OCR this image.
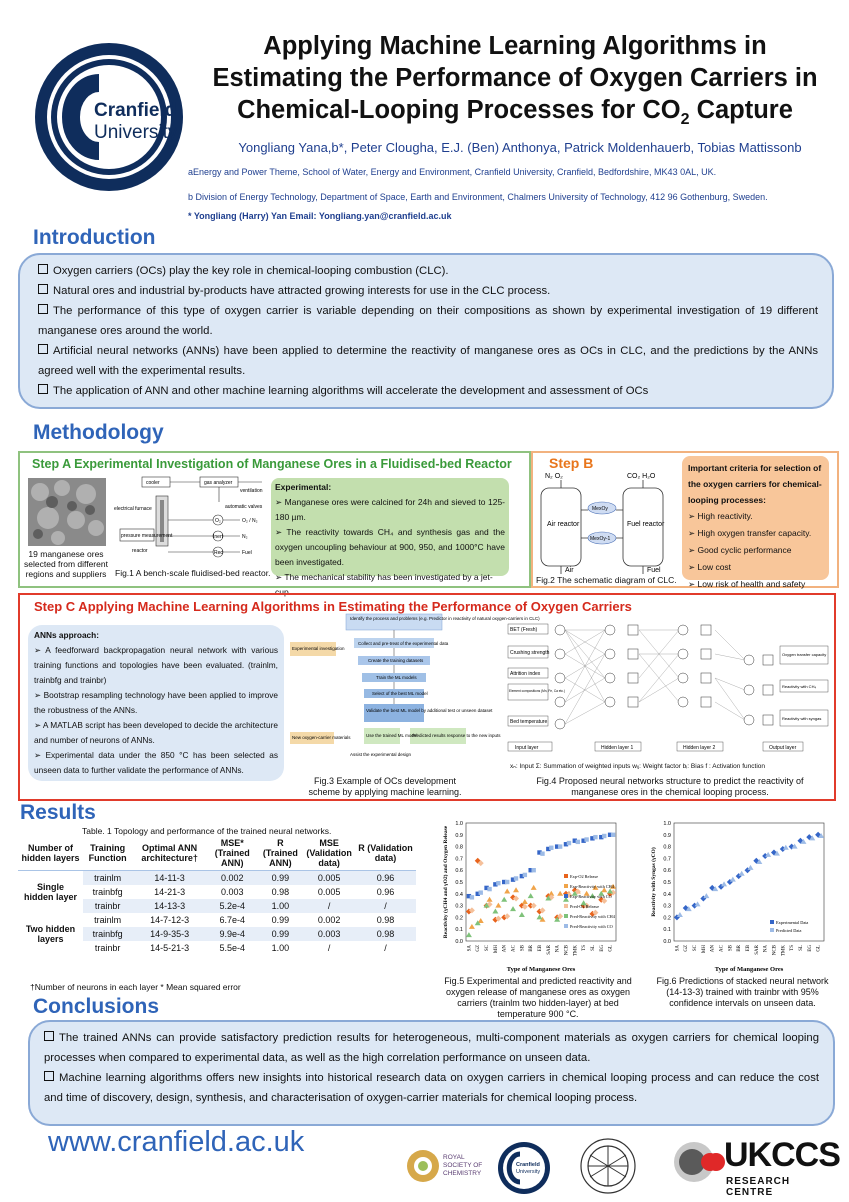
Cranfield
University
Applying Machine Learning Algorithms in
Estimating the Performance of Oxygen Carriers in
Chemical-Looping Processes for $CO_2$ Capture
Yongliang Yana,b*, Peter Clougha, E.J. (Ben) Anthonya, Patrick Moldenhauerb, Tobias Mattissonb
aEnergy and Power Theme, School of Water, Energy and Environment, Cranfield University, Cranfield, Bedfordshire, MK43 0AL, UK.
b Division of Energy Technology, Department of Space, Earth and Environment, Chalmers University of Technology, 412 96 Gothenburg, Sweden.
* Yongliang (Harry) Yan Email: Yongliang.yan@cranfield.ac.uk
Introduction
Oxygen carriers (OCs) play the key role in chemical-looping combustion (CLC).
Natural ores and industrial by-products have attracted growing interests for use in the CLC process.
The performance of this type of oxygen carrier is variable depending on their compositions as shown by experimental investigation of 19 different manganese ores around the world.
Artificial neural networks (ANNs) have been applied to determine the reactivity of manganese ores as OCs in CLC, and the predictions by the ANNs agreed well with the experimental results.
The application of ANN and other machine learning algorithms will accelerate the development and assessment of OCs
Methodology
Step A Experimental Investigation of Manganese Ores in a Fluidised-bed Reactor
19 manganese ores selected from different regions and suppliers
cooler	gas analyzer
ventilation
electrical furnace	automatic valves
pressure measurement
reactor
O₂
Inert
Red
O₂ / N₂
N₂
Fuel
Fig.1 A bench-scale fluidised-bed reactor.
Experimental:
➢ Manganese ores were calcined for 24h and sieved to 125-180 µm.
➢ The reactivity towards CH₄ and synthesis gas and the oxygen uncoupling behaviour at 900, 950, and 1000°C have been investigated.
➢ The mechanical stability has been investigated by a jet-cup.
Step B
Air reactor	Fuel reactor
N₂ O₂	CO₂ H₂O
MexOy
MexOy-1
Air	Fuel
Fig.2 The schematic diagram of CLC.
Important criteria for selection of the oxygen carriers for chemical-looping processes:
➢ High reactivity.
➢ High oxygen transfer capacity.
➢ Good cyclic performance
➢ Low cost
➢ Low risk of health and safety
Step C Applying Machine Learning Algorithms in Estimating the Performance of Oxygen Carriers
ANNs approach:
➢ A feedforward backpropagation neural network with various training functions and topologies have been evaluated. (trainlm, trainbfg and trainbr)
➢ Bootstrap resampling technology have been applied to improve the robustness of the ANNs.
➢ A MATLAB script has been developed to decide the architecture and number of neurons of ANNs.
➢ Experimental data under the 850 °C has been selected as unseen data to further validate the performance of ANNs.
Identify the process and problems (e.g. Predictor in reactivity of natural oxygen-carriers in CLC)
Collect and pre-treat of the experimental data
Create the training datasets
Train the ML models
Select of the best ML model
Validate the best ML model by additional test or unseen dataset
Use the trained ML model
Predicted results response to the new inputs
Experimental investigation
New oxygen-carrier materials
Assist the experimental design
Fig.3 Example of OCs development scheme by applying machine learning.
BET (Fresh)
Crushing strength
Attrition index
Element compositions (Mn, Fe, Ca etc.)
Bed temperature
Oxygen transfer capacity
Reactivity with CH₄
Reactivity with syngas
Input layer	Hidden layer 1	Hidden layer 2	Output layer
xₙ: Input Σ: Summation of weighted inputs wᵢⱼ: Weight factor bᵢ: Bias f : Activation function
Fig.4 Proposed neural networks structure to predict the reactivity of manganese ores in the chemical looping process.
Results
Table. 1 Topology and performance of the trained neural networks.
Number of hidden layers	Training Function	Optimal ANN architecture†	MSE* (Trained ANN)	R (Trained ANN)	MSE (Validation data)	R (Validation data)
Single hidden layer	trainlm	14-11-3	0.002	0.99	0.005	0.96
	trainbfg	14-21-3	0.003	0.98	0.005	0.96
	trainbr	14-13-3	5.2e-4	1.00	/	/
Two hidden layers	trainlm	14-7-12-3	6.7e-4	0.99	0.002	0.98
	trainbfg	14-9-35-3	9.9e-4	0.99	0.003	0.98
	trainbr	14-5-21-3	5.5e-4	1.00	/	/
†Number of neurons in each layer * Mean squared error
0.0
0.1
0.2
0.3
0.4
0.5
0.6
0.7
0.8
0.9
1.0
SA GZ SC MH AN AC SB BR EB SAR NA NCB TMK TS SL EG GL
Type of Manganese Ores
Reactivity (γCH4 and γO2) and Oxygen Release	Exp-O2 Release
Exp-Reactivity with CH4
Exp-Reactivity with CO
Pred-O2 Release
Pred-Reactivity with CH4
Pred-Reactivity with CO
Fig.5 Experimental and predicted reactivity and oxygen release of manganese ores as oxygen carriers (trainlm two hidden-layer) at bed temperature 900 °C.
0.0
0.1
0.2
0.3
0.4
0.5
0.6
0.7
0.8
0.9
1.0
SA GZ SC MH AN AC SB BR EB SAR NA NCB TMK TS SL EG GL
Type of Manganese Ores
Reactivity with Syngas (γCO)
Experimental Data
Predicted Data
Fig.6 Predictions of stacked neural network (14-13-3) trained with trainbr with 95% confidence intervals on unseen data.
Conclusions
The trained ANNs can provide satisfactory prediction results for heterogeneous, multi-component materials as oxygen carriers for chemical looping processes when compared to experimental data, as well as the high correlation performance on unseen data.
Machine learning algorithms offers new insights into historical research data on oxygen carriers in chemical looping process and can reduce the cost and time of discovery, design, synthesis, and characterisation of oxygen-carrier materials for chemical looping process.
www.cranfield.ac.uk	ROYAL SOCIETY OF CHEMISTRY
Cranfield
University	UKCCS
RESEARCH CENTRE
